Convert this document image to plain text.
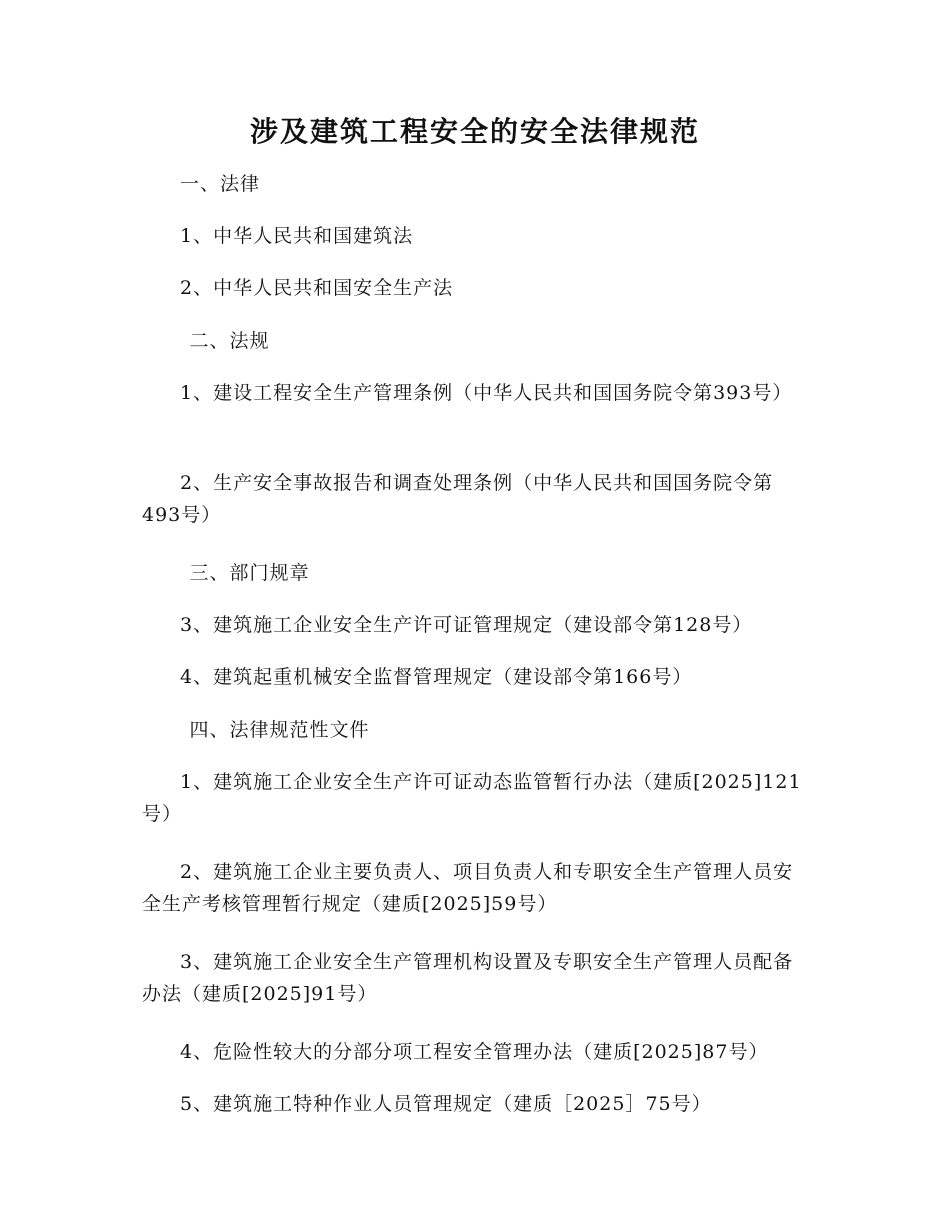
涉及建筑工程安全的安全法律规范

一、法律

1、中华人民共和国建筑法

2、中华人民共和国安全生产法

二、法规

1、建设工程安全生产管理条例（中华人民共和国国务院令第393号）

2、生产安全事故报告和调查处理条例（中华人民共和国国务院令第493号）

三、部门规章

3、建筑施工企业安全生产许可证管理规定（建设部令第128号）

4、建筑起重机械安全监督管理规定（建设部令第166号）

四、法律规范性文件

1、建筑施工企业安全生产许可证动态监管暂行办法（建质[2025]121号）

2、建筑施工企业主要负责人、项目负责人和专职安全生产管理人员安全生产考核管理暂行规定（建质[2025]59号）

3、建筑施工企业安全生产管理机构设置及专职安全生产管理人员配备办法（建质[2025]91号）

4、危险性较大的分部分项工程安全管理办法（建质[2025]87号）

5、建筑施工特种作业人员管理规定（建质［2025］75号）
